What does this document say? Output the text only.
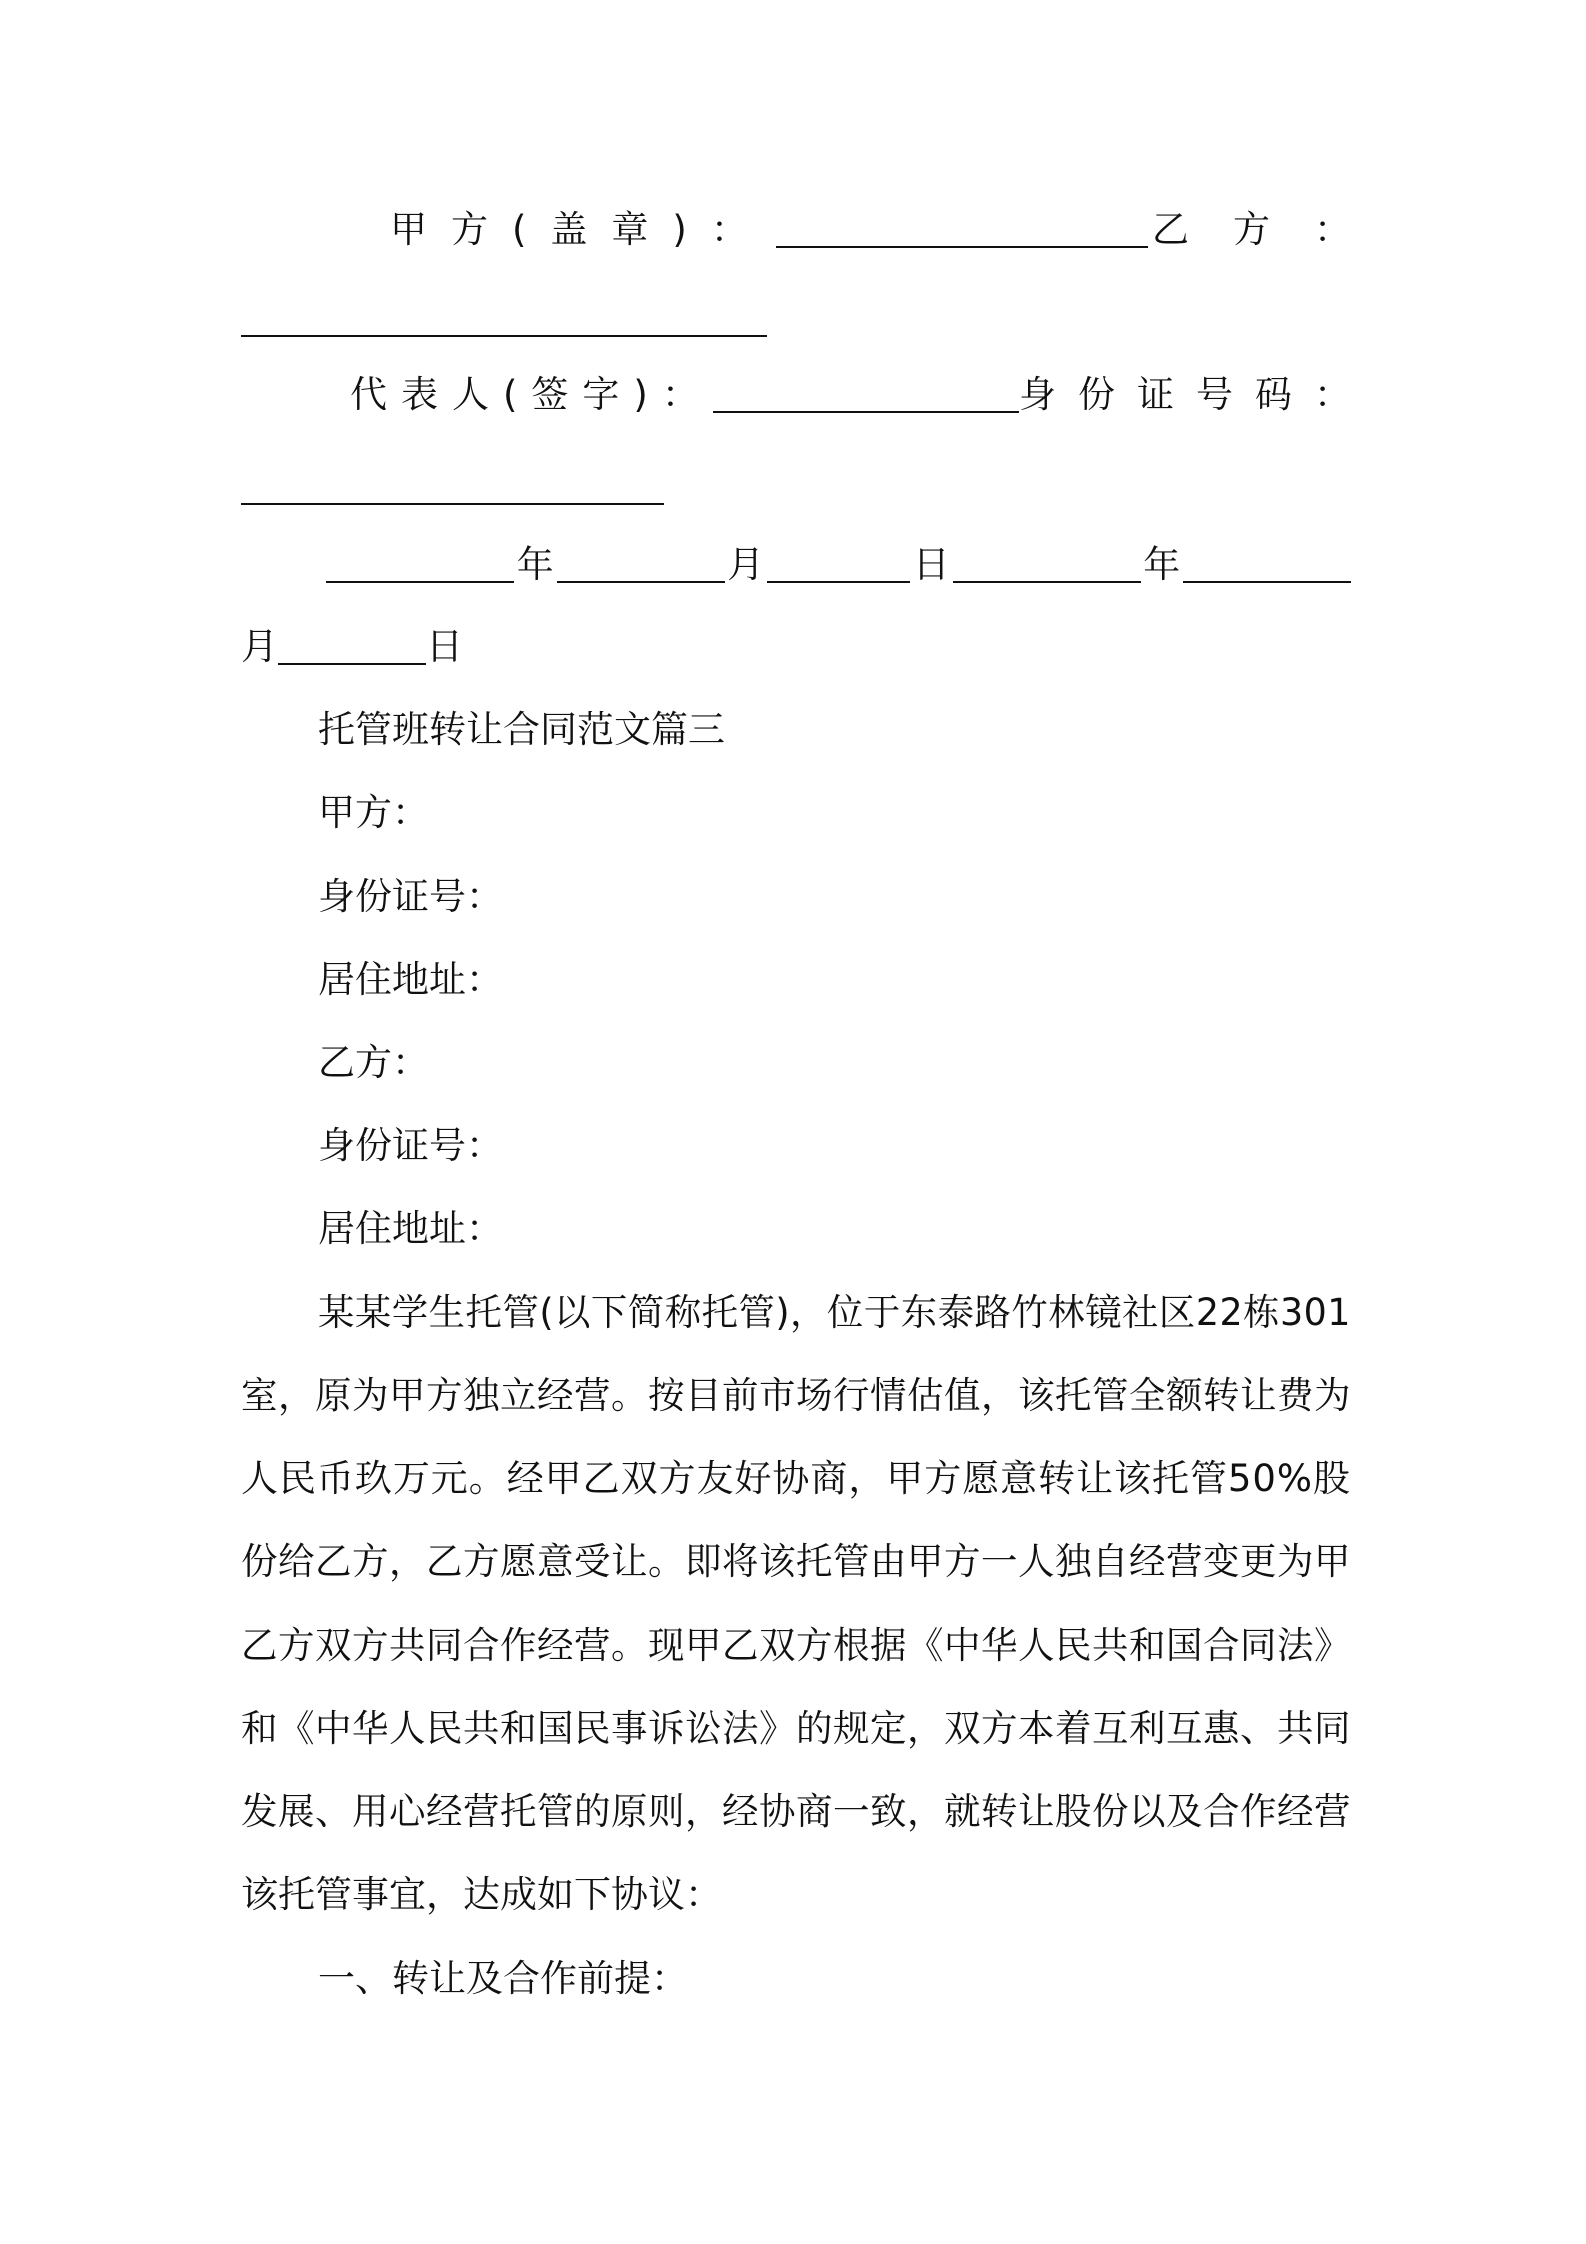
甲方(盖章)：	乙方：
代表人(签字)：	身份证号码：
年	月	日	年
月	日
托管班转让合同范文篇三
甲方：
身份证号：
居住地址：
乙方：
身份证号：
居住地址：
某某学生托管(以下简称托管)，位于东泰路竹林镜社区22栋301
室，原为甲方独立经营。按目前市场行情估值，该托管全额转让费为
人民币玖万元。经甲乙双方友好协商，甲方愿意转让该托管50%股
份给乙方，乙方愿意受让。即将该托管由甲方一人独自经营变更为甲
乙方双方共同合作经营。现甲乙双方根据《中华人民共和国合同法》
和《中华人民共和国民事诉讼法》的规定，双方本着互利互惠、共同
发展、用心经营托管的原则，经协商一致，就转让股份以及合作经营
该托管事宜，达成如下协议：
一、转让及合作前提：
